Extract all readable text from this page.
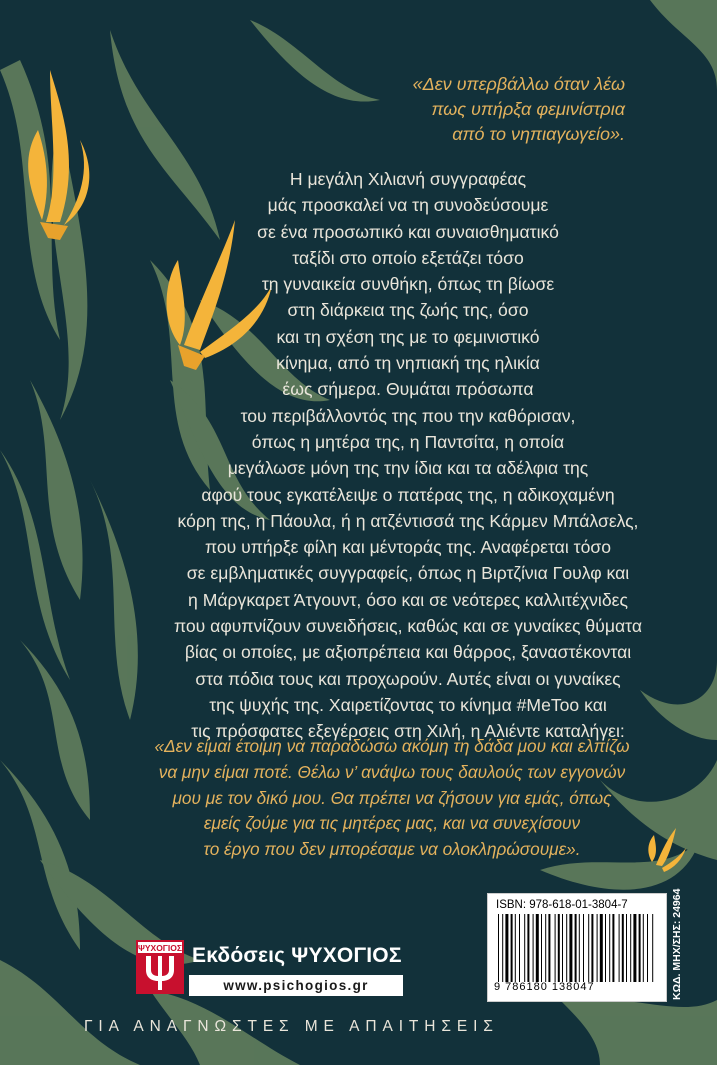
«Δεν υπερβάλλω όταν λέω
πως υπήρξα φεμινίστρια
από το νηπιαγωγείο».
Η μεγάλη Χιλιανή συγγραφέας
μάς προσκαλεί να τη συνοδεύσουμε
σε ένα προσωπικό και συναισθηματικό
ταξίδι στο οποίο εξετάζει τόσο
τη γυναικεία συνθήκη, όπως τη βίωσε
στη διάρκεια της ζωής της, όσο
και τη σχέση της με το φεμινιστικό
κίνημα, από τη νηπιακή της ηλικία
έως σήμερα. Θυμάται πρόσωπα
του περιβάλλοντός της που την καθόρισαν,
όπως η μητέρα της, η Παντσίτα, η οποία
μεγάλωσε μόνη της την ίδια και τα αδέλφια της
αφού τους εγκατέλειψε ο πατέρας της, η αδικοχαμένη
κόρη της, η Πάουλα, ή η ατζέντισσά της Κάρμεν Μπάλσελς,
που υπήρξε φίλη και μέντοράς της. Αναφέρεται τόσο
σε εμβληματικές συγγραφείς, όπως η Βιρτζίνια Γουλφ και
η Μάργκαρετ Άτγουντ, όσο και σε νεότερες καλλιτέχνιδες
που αφυπνίζουν συνειδήσεις, καθώς και σε γυναίκες θύματα
βίας οι οποίες, με αξιοπρέπεια και θάρρος, ξαναστέκονται
στα πόδια τους και προχωρούν. Αυτές είναι οι γυναίκες
της ψυχής της. Χαιρετίζοντας το κίνημα #MeToo και
τις πρόσφατες εξεγέρσεις στη Χιλή, η Αλιέντε καταλήγει:
«Δεν είμαι έτοιμη να παραδώσω ακόμη τη δάδα μου και ελπίζω
να μην είμαι ποτέ. Θέλω ν’ ανάψω τους δαυλούς των εγγονών
μου με τον δικό μου. Θα πρέπει να ζήσουν για εμάς, όπως
εμείς ζούμε για τις μητέρες μας, και να συνεχίσουν
το έργο που δεν μπορέσαμε να ολοκληρώσουμε».
ISBN: 978-618-01-3804-7
9 786180 138047	ΚΩΔ. ΜΗΧ/ΣΗΣ: 24964
ΨΥΧΟΓΙΟΣ Εκδόσεις ΨΥΧΟΓΙΟΣ
www.psichogios.gr
ΓΙΑ ΑΝΑΓΝΩΣΤΕΣ ΜΕ ΑΠΑΙΤΗΣΕΙΣ
